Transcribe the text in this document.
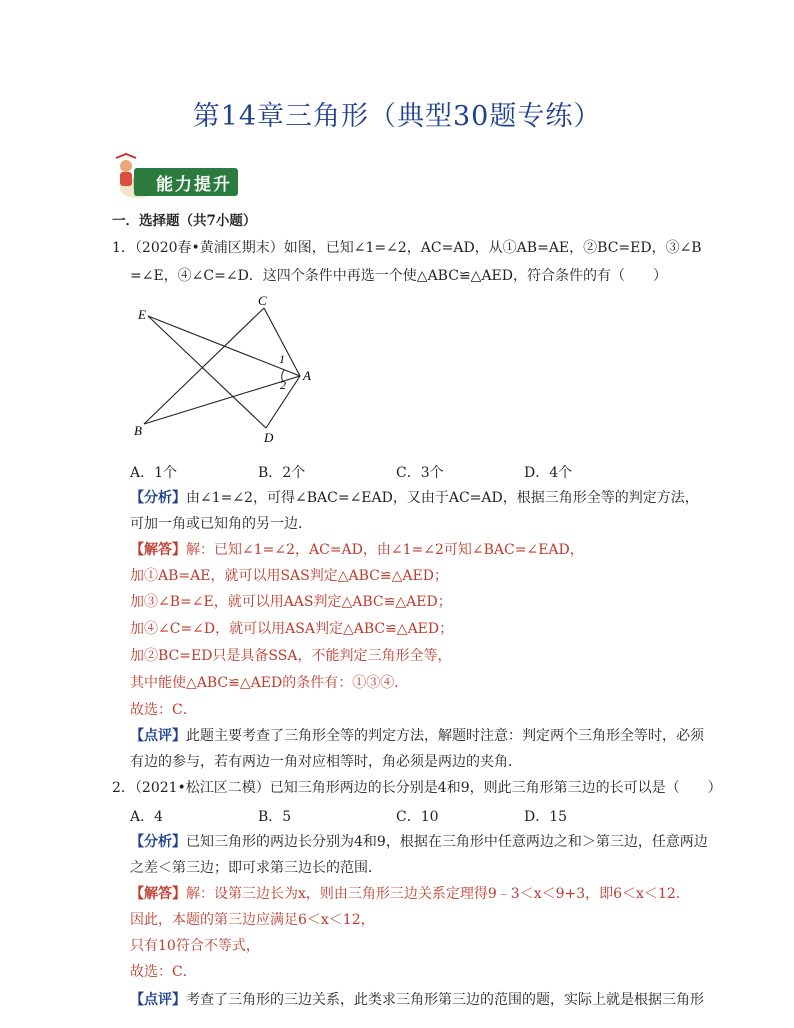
第14章三角形（典型30题专练）
能力提升
一．选择题（共7小题）
1．（2020春•黄浦区期末）如图，已知∠1=∠2，AC=AD，从①AB=AE，②BC=ED，③∠B
=∠E，④∠C=∠D．这四个条件中再选一个使△ABC≌△AED，符合条件的有（　　）
E
C
A
B	D
1
2
A．1个	B．2个	C．3个	D．4个
【分析】由∠1=∠2，可得∠BAC=∠EAD，又由于AC=AD，根据三角形全等的判定方法，
可加一角或已知角的另一边．
【解答】解：已知∠1=∠2，AC=AD，由∠1=∠2可知∠BAC=∠EAD，
加①AB=AE，就可以用SAS判定△ABC≌△AED；
加③∠B=∠E，就可以用AAS判定△ABC≌△AED；
加④∠C=∠D，就可以用ASA判定△ABC≌△AED；
加②BC=ED只是具备SSA，不能判定三角形全等，
其中能使△ABC≌△AED的条件有：①③④．
故选：C．
【点评】此题主要考查了三角形全等的判定方法，解题时注意：判定两个三角形全等时，必须
有边的参与，若有两边一角对应相等时，角必须是两边的夹角．
2．（2021•松江区二模）已知三角形两边的长分别是4和9，则此三角形第三边的长可以是（　　）
A．4	B．5	C．10	D．15
【分析】已知三角形的两边长分别为4和9，根据在三角形中任意两边之和＞第三边，任意两边
之差＜第三边；即可求第三边长的范围．
【解答】解：设第三边长为x，则由三角形三边关系定理得9﹣3＜x＜9+3，即6＜x＜12．
因此，本题的第三边应满足6＜x＜12，
只有10符合不等式，
故选：C．
【点评】考查了三角形的三边关系，此类求三角形第三边的范围的题，实际上就是根据三角形
